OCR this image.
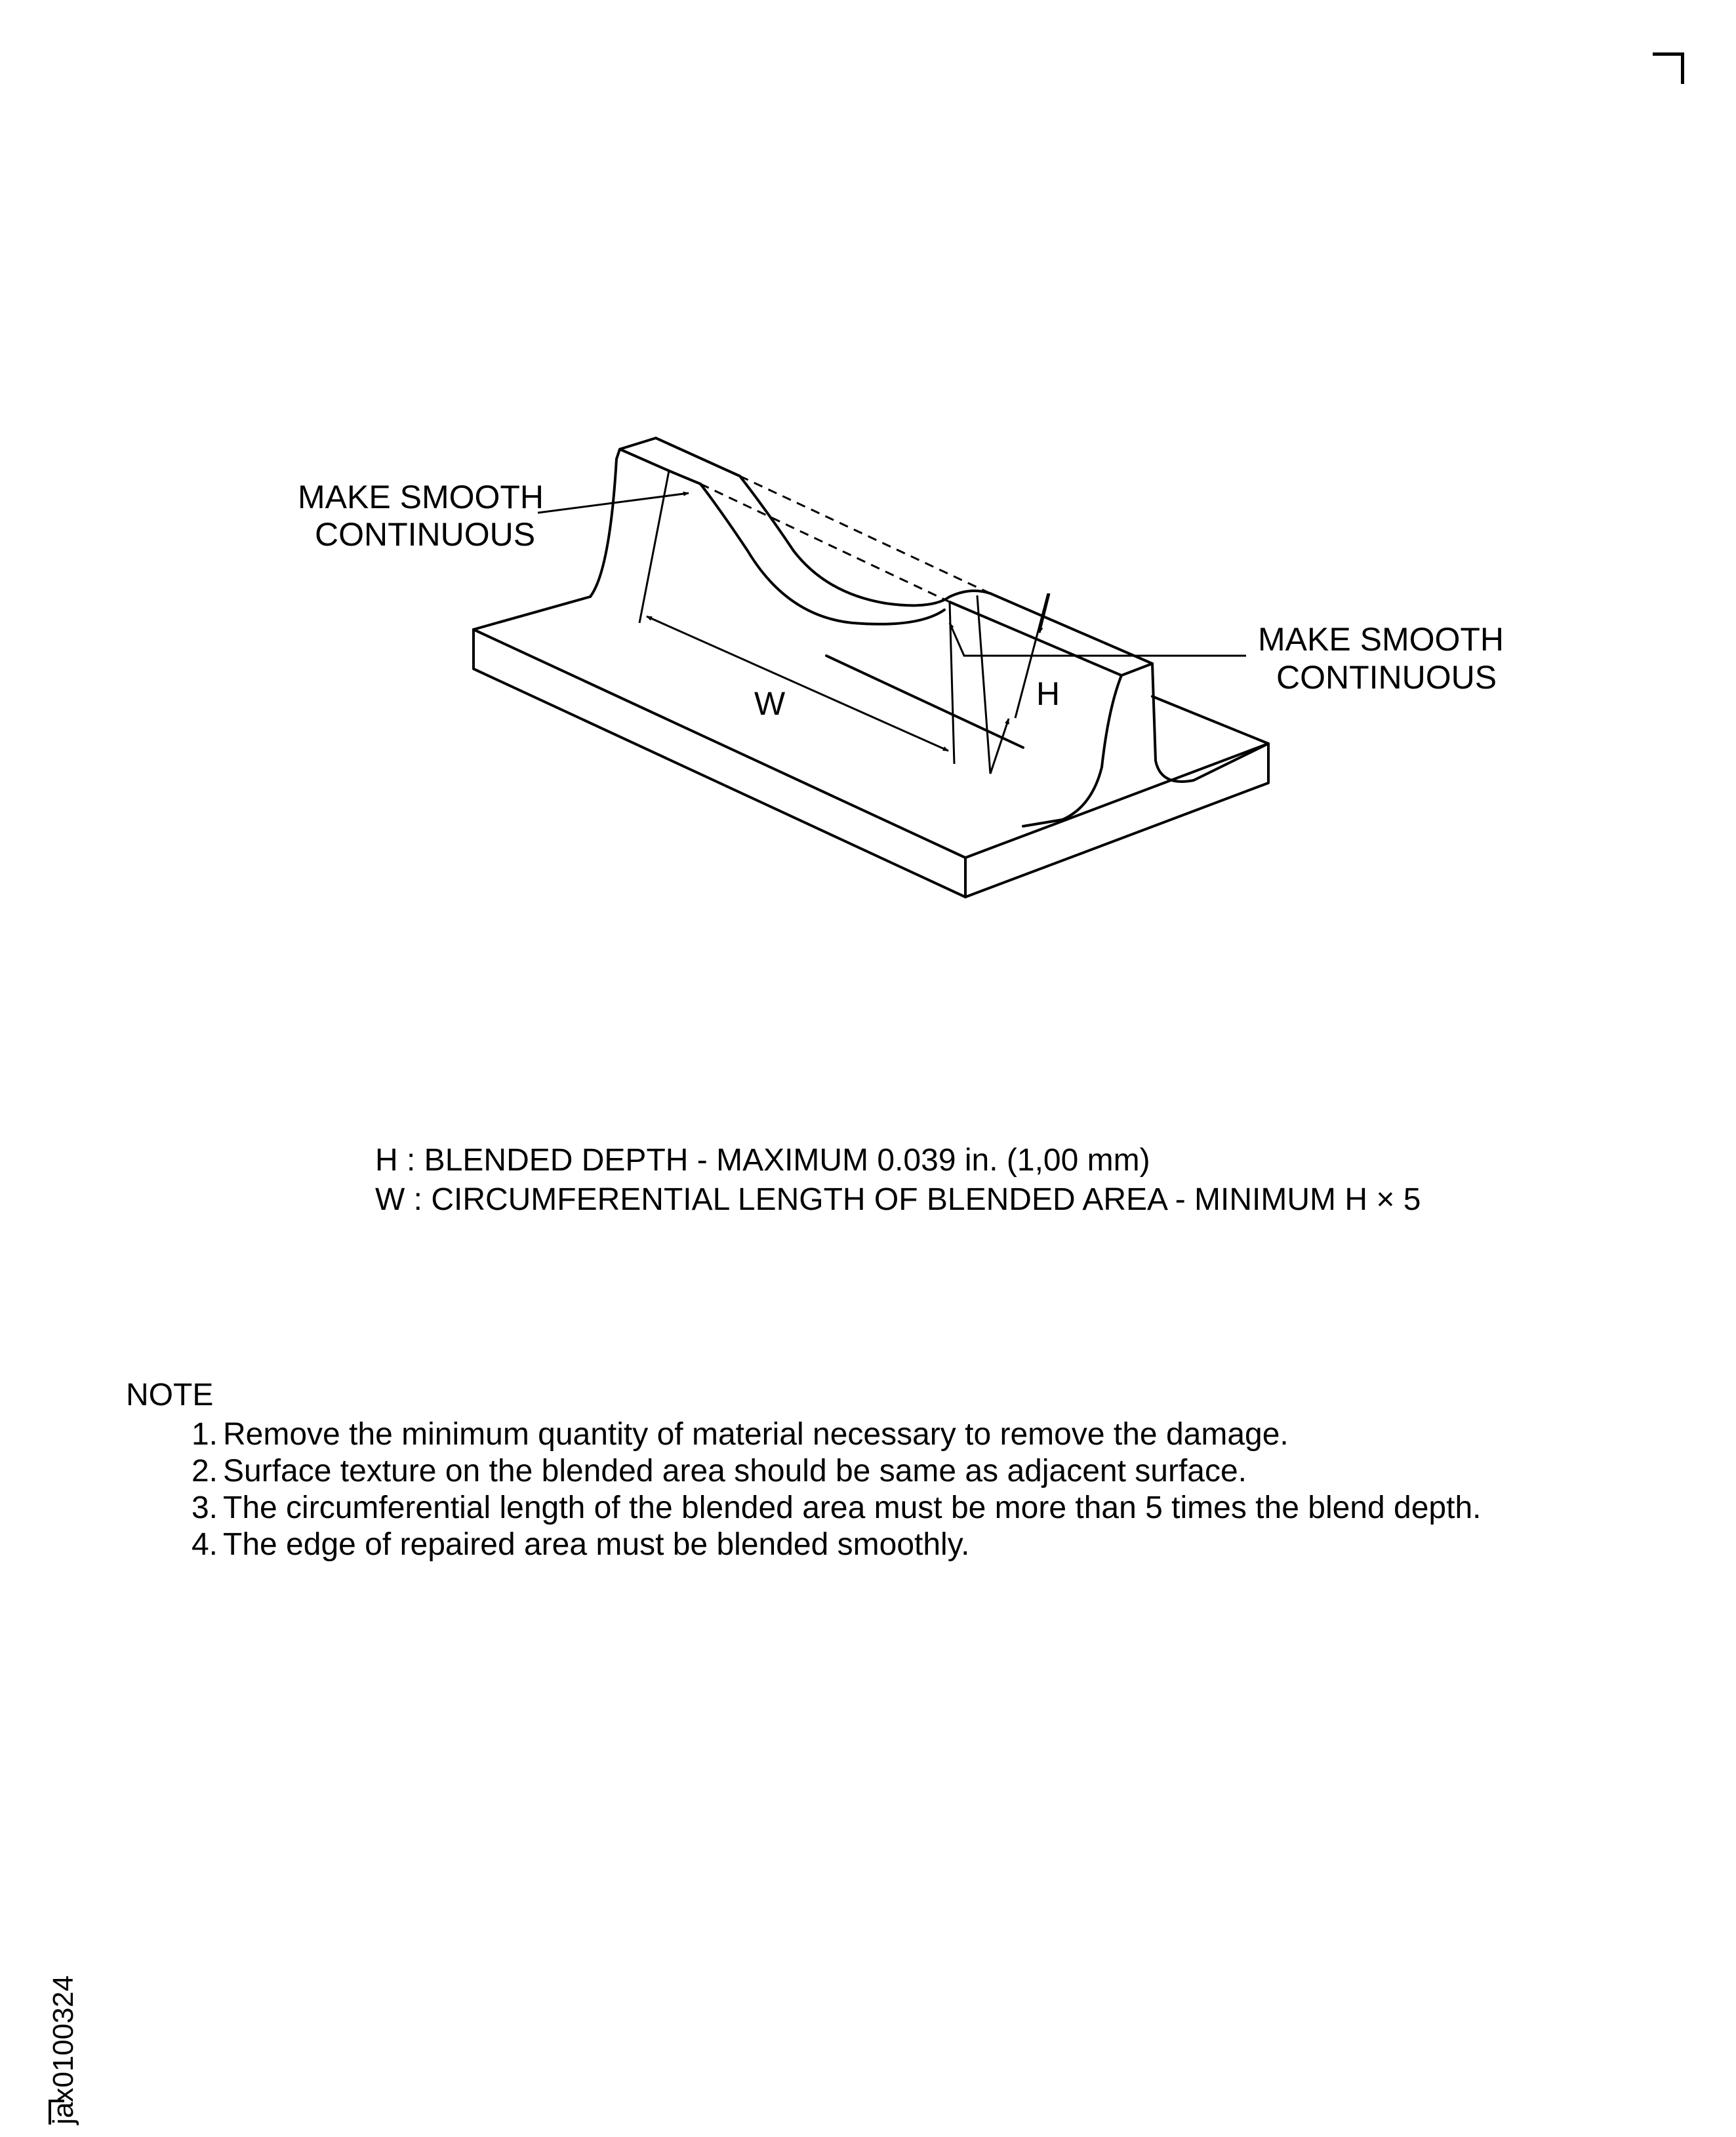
MAKE SMOOTH
CONTINUOUS
MAKE SMOOTH
CONTINUOUS
W	H
H : BLENDED DEPTH - MAXIMUM 0.039 in. (1,00 mm)
W : CIRCUMFERENTIAL LENGTH OF BLENDED AREA - MINIMUM H × 5
NOTE
1. Remove the minimum quantity of material necessary to remove the damage.
2. Surface texture on the blended area should be same as adjacent surface.
3. The circumferential length of the blended area must be more than 5 times the blend depth.
4. The edge of repaired area must be blended smoothly.
jax0100324
